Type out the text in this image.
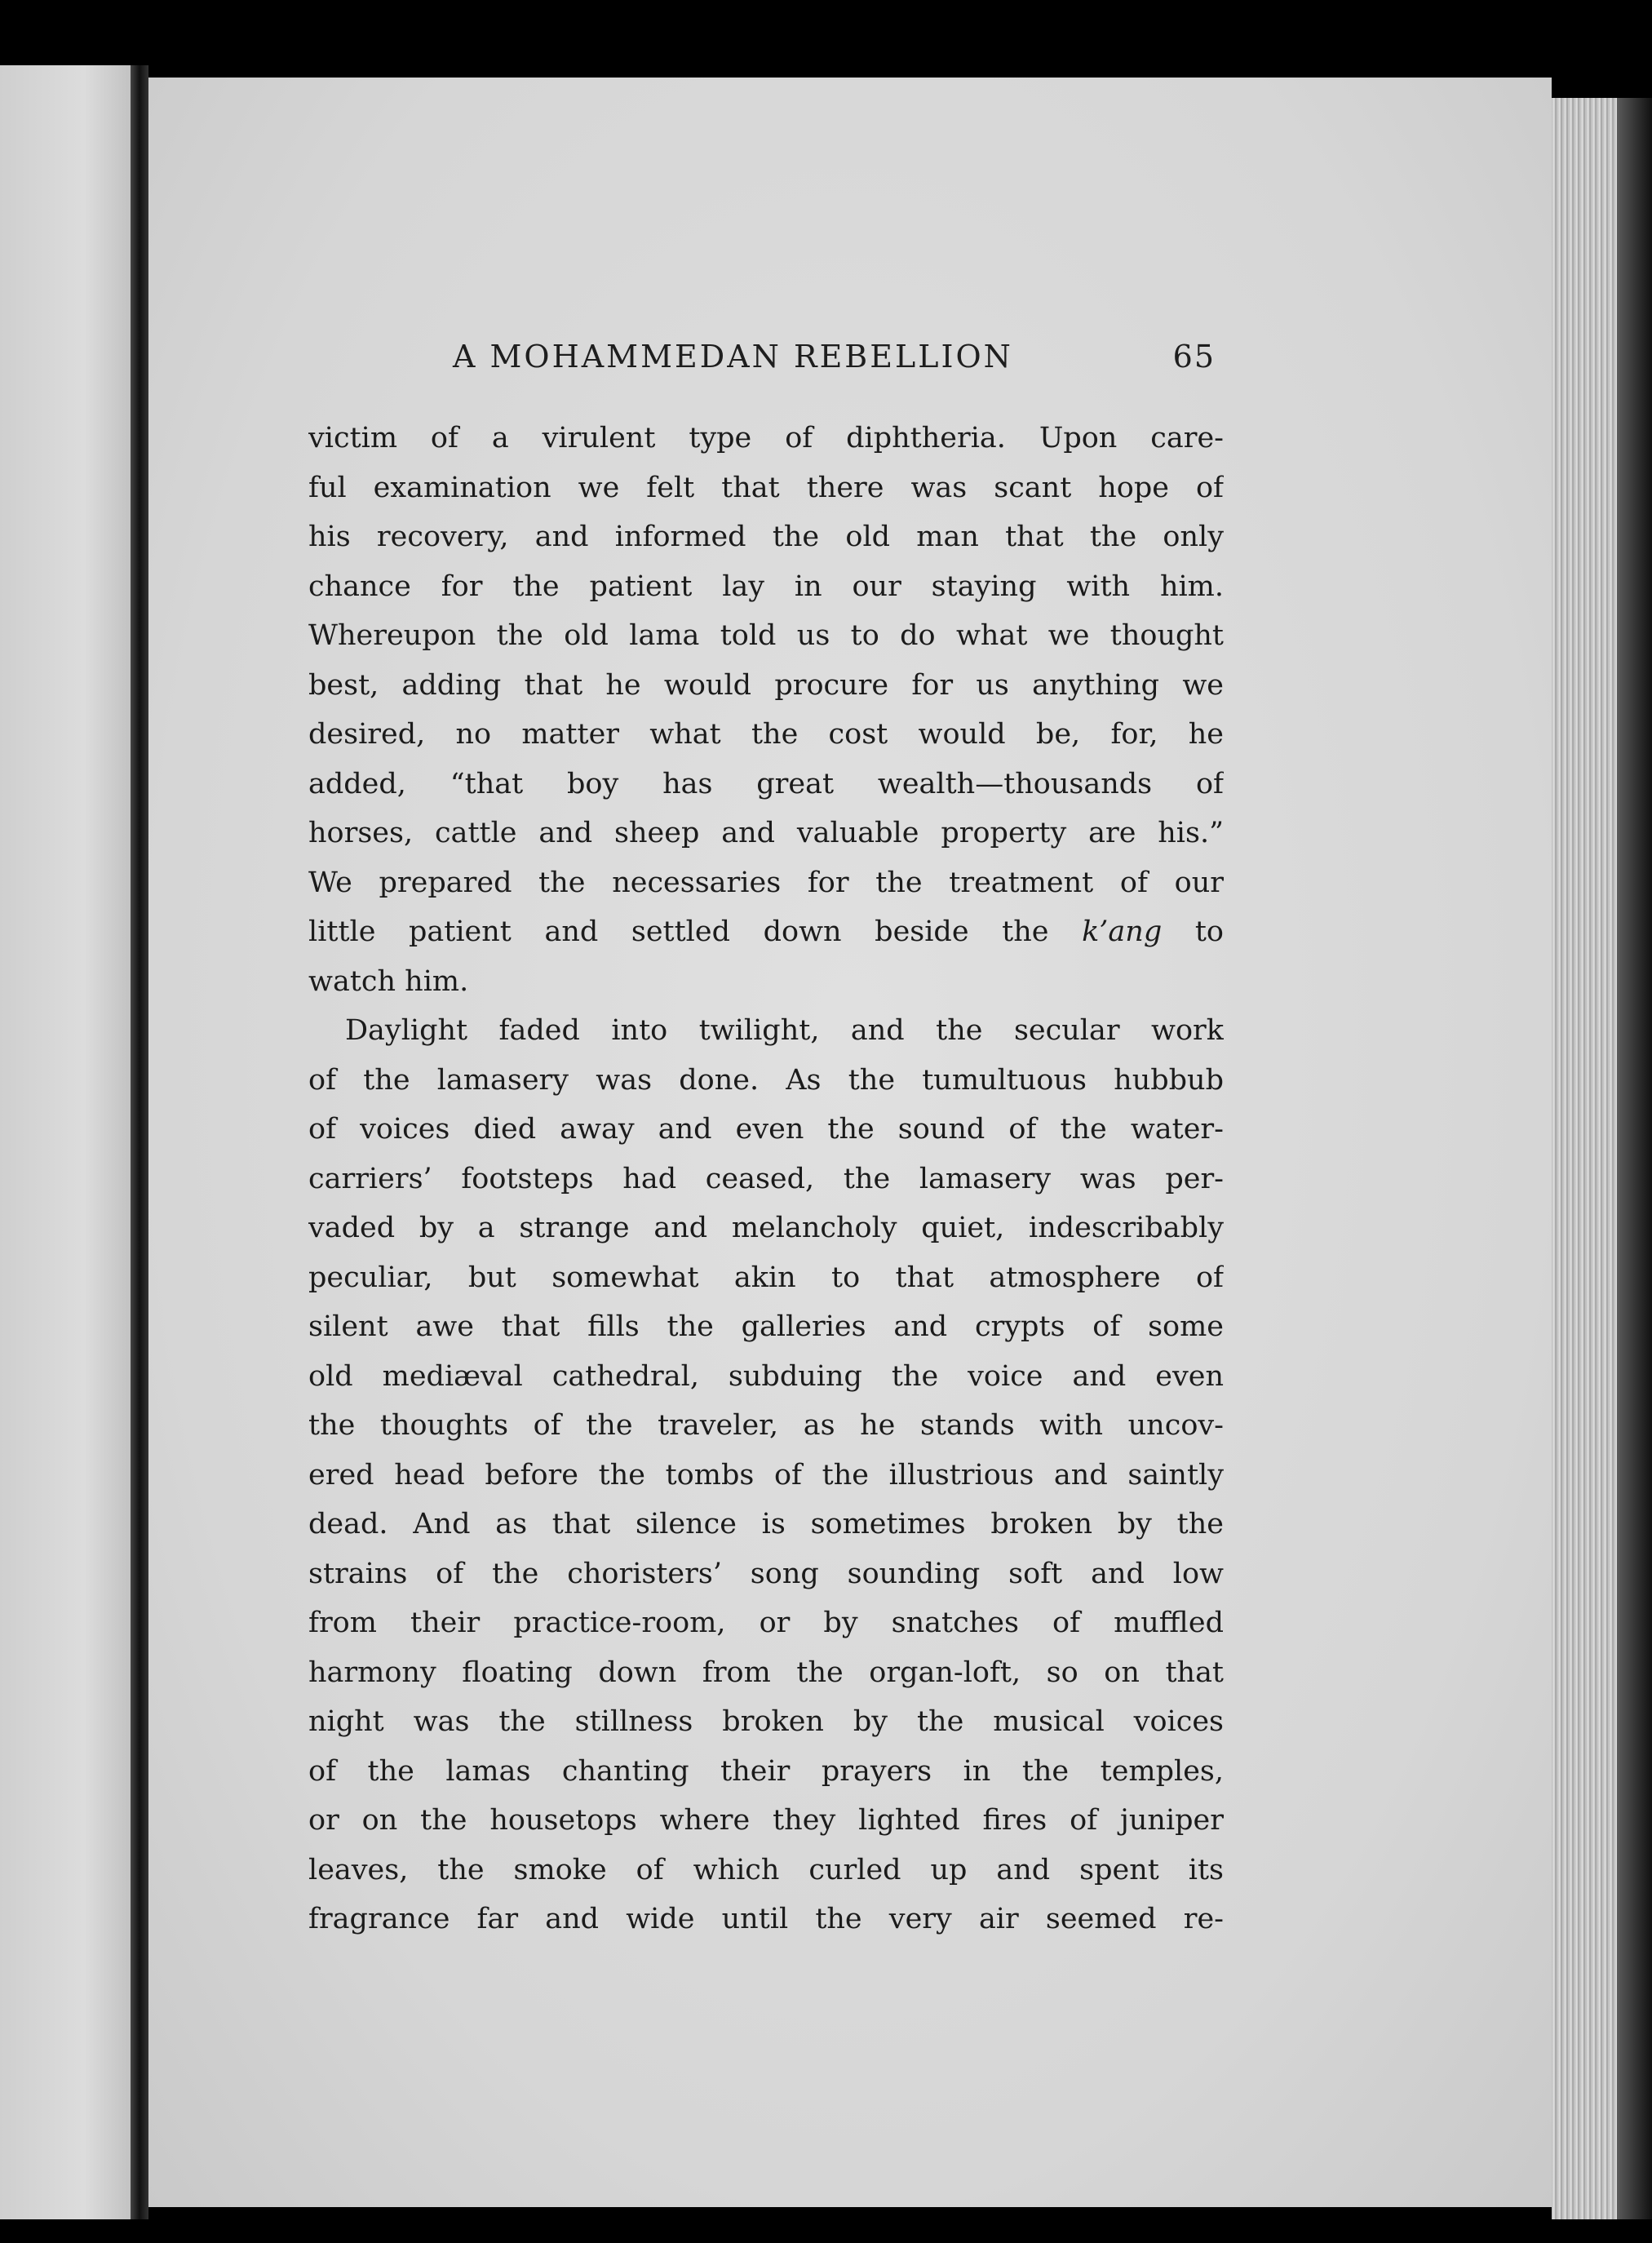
A MOHAMMEDAN REBELLION	65
victim of a virulent type of diphtheria. Upon care-
ful examination we felt that there was scant hope of
his recovery, and informed the old man that the only
chance for the patient lay in our staying with him.
Whereupon the old lama told us to do what we thought
best, adding that he would procure for us anything we
desired, no matter what the cost would be, for, he
added, “that boy has great wealth—thousands of
horses, cattle and sheep and valuable property are his.”
We prepared the necessaries for the treatment of our
little patient and settled down beside the k’ang to
watch him.
Daylight faded into twilight, and the secular work
of the lamasery was done. As the tumultuous hubbub
of voices died away and even the sound of the water-
carriers’ footsteps had ceased, the lamasery was per-
vaded by a strange and melancholy quiet, indescribably
peculiar, but somewhat akin to that atmosphere of
silent awe that fills the galleries and crypts of some
old mediæval cathedral, subduing the voice and even
the thoughts of the traveler, as he stands with uncov-
ered head before the tombs of the illustrious and saintly
dead. And as that silence is sometimes broken by the
strains of the choristers’ song sounding soft and low
from their practice-room, or by snatches of muffled
harmony floating down from the organ-loft, so on that
night was the stillness broken by the musical voices
of the lamas chanting their prayers in the temples,
or on the housetops where they lighted fires of juniper
leaves, the smoke of which curled up and spent its
fragrance far and wide until the very air seemed re-
